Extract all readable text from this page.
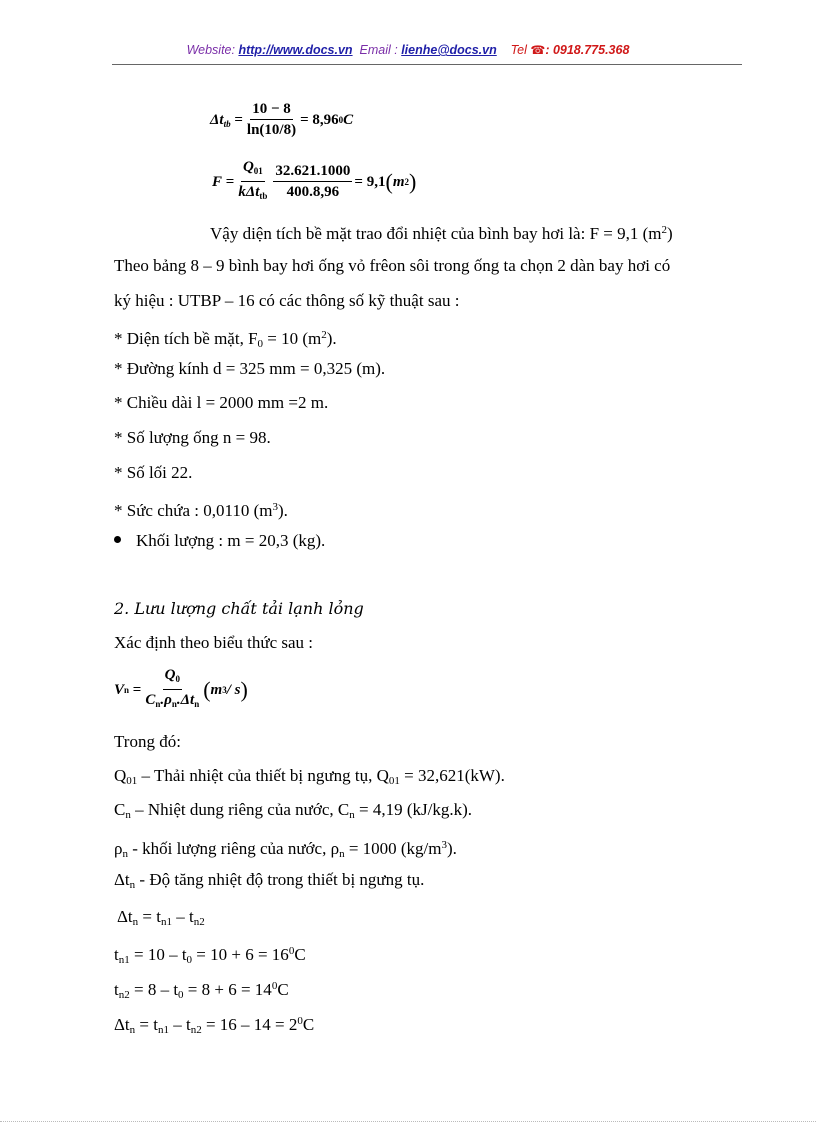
Website: http://www.docs.vn Email : lienhe@docs.vn Tel ☎: 0918.775.368
$\Delta t_{tb}$
= $\frac{10 - 8}{\ln(10/8)} = 8,96$ 0 C
F
= $\frac{Q_{01}}{k\Delta t_{tb}} \frac{32.621.1000}{400.8,96} = 9,1$ ( m 2 )
Vậy diện tích bề mặt trao đổi nhiệt của bình bay hơi là: F = 9,1 $(m^2)$
Theo bảng 8 – 9 bình bay hơi ống vỏ frêon sôi trong ống ta chọn 2 dàn bay hơi có
ký hiệu : UTBP – 16 có các thông số kỹ thuật sau :
* Diện tích bề mặt, $F_0 = 10$ $(m^2)$.
* Đường kính d = 325 mm = 0,325 (m).
* Chiều dài l = 2000 mm =2 m.
* Số lượng ống n = 98.
* Số lối 22.
* Sức chứa : 0,0110 $(m^3)$.
Khối lượng : m = 20,3 (kg).
2. Lưu lượng chất tải lạnh lỏng
Xác định theo biểu thức sau :
V n
= $\frac{Q_0}{C_n.\rho_n.\Delta t_n}$ ( m 3 / s )
Trong đó:
$Q_{01}$ – Thải nhiệt của thiết bị ngưng tụ, $Q_{01} = 32,621(kW)$.
$C_n$ – Nhiệt dung riêng của nước, $C_n = 4,19$ (kJ/kg.k).
$\rho_n$ - khối lượng riêng của nước, $\rho_n = 1000$ $(kg/m^3)$.
$\Delta t_n$ - Độ tăng nhiệt độ trong thiết bị ngưng tụ.
$\Delta t_n = t_{n1} - t_{n2}$
$t_{n1} = 10 - t_0 = 10 + 6 = 16^0C$
$t_{n2} = 8 - t_0 = 8 + 6 = 14^0C$
$\Delta t_n = t_{n1} - t_{n2} = 16 - 14 = 2^0C$
